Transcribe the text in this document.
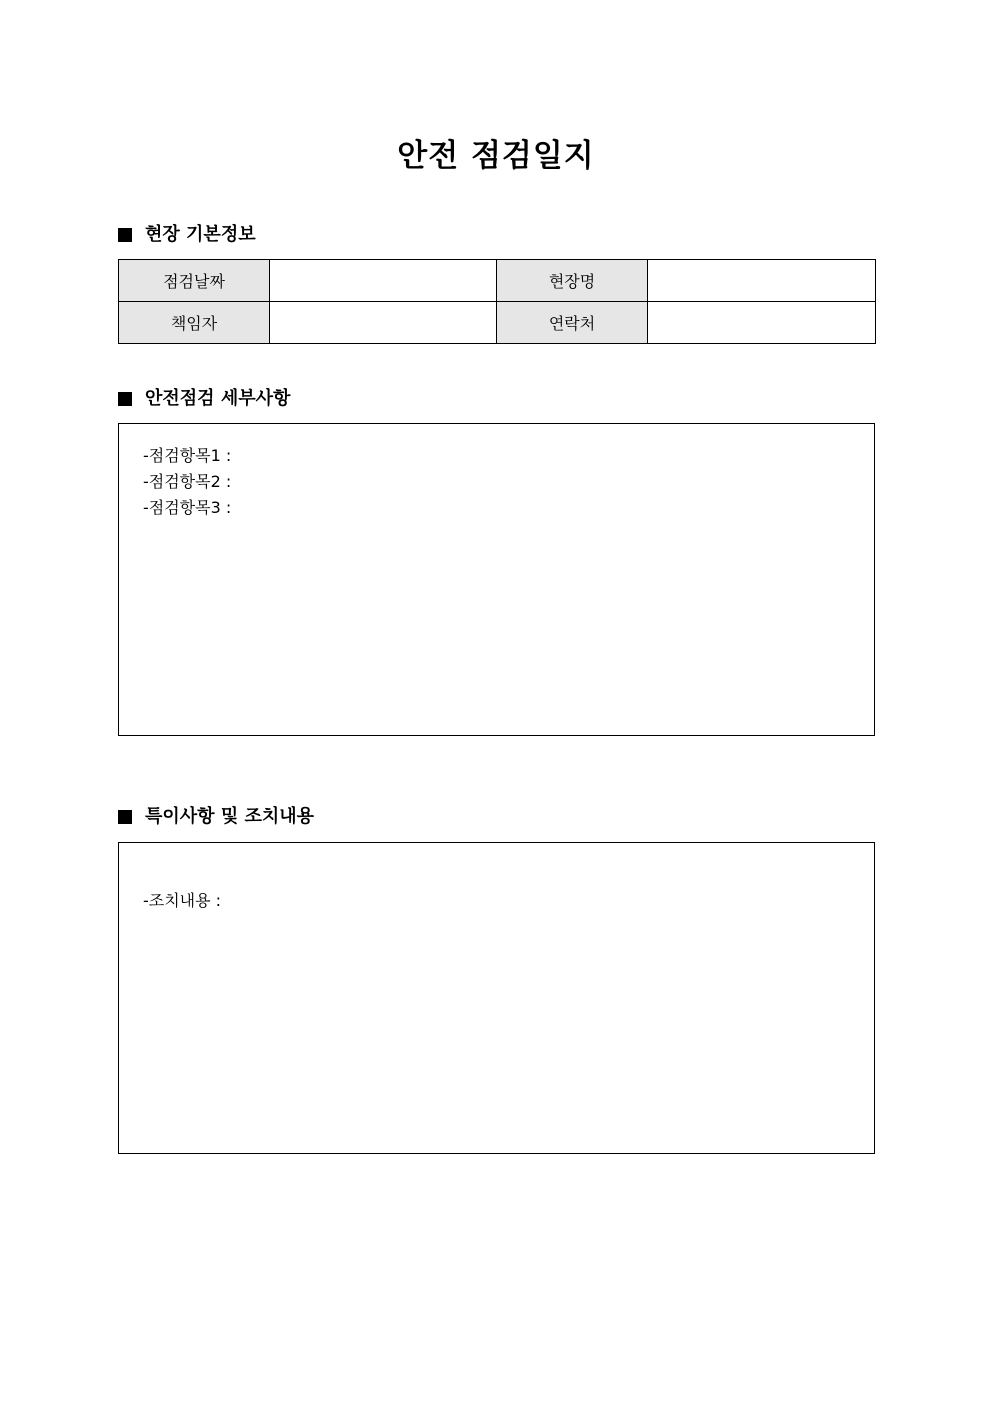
안전 점검일지
현장 기본정보
점검날짜		현장명	
책임자		연락처	
안전점검 세부사항
-점검항목1 :
-점검항목2 :
-점검항목3 :
특이사항 및 조치내용
-조치내용 :
